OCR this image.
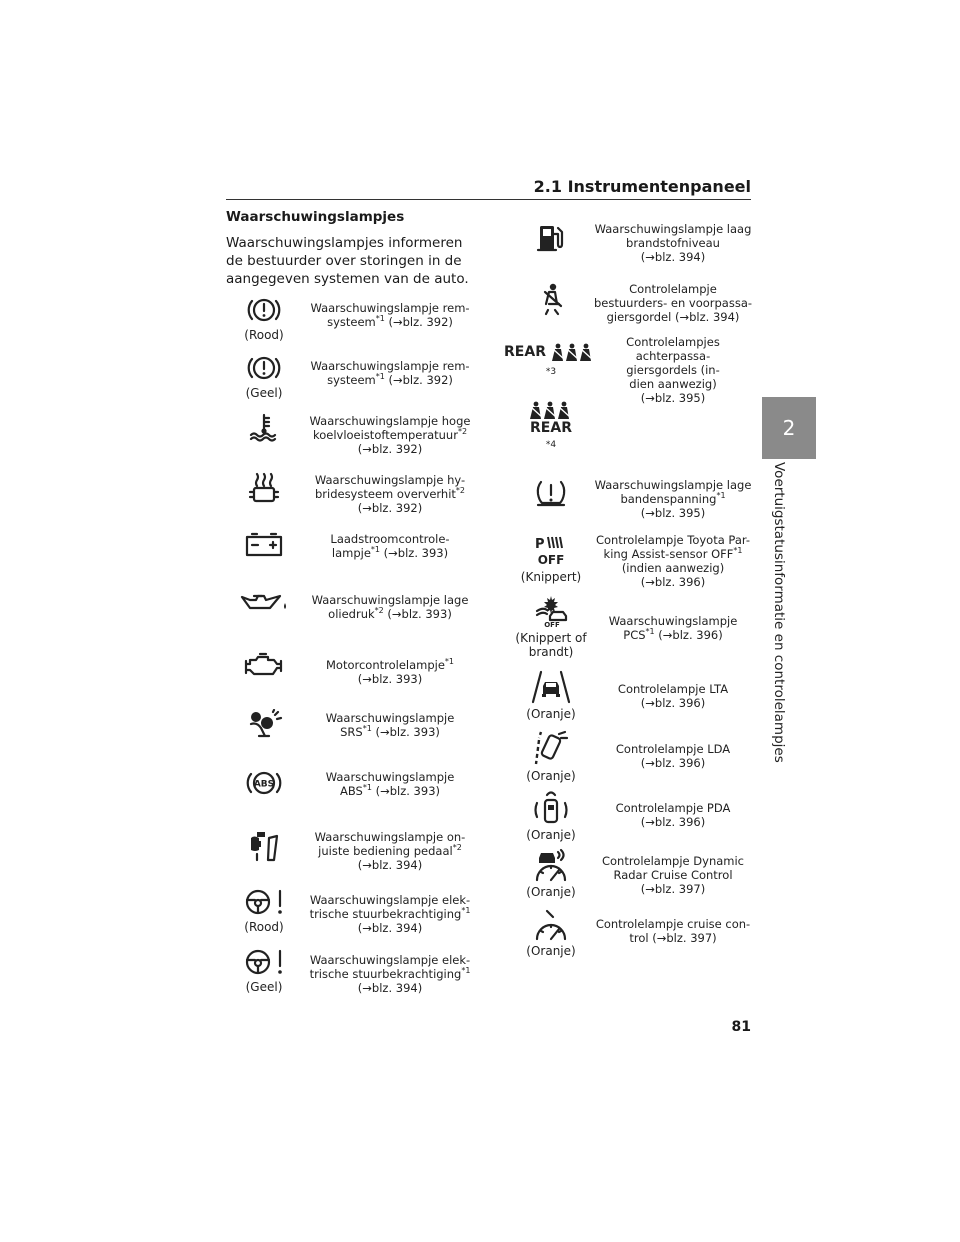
2.1 Instrumentenpaneel
2
Voertuigstatusinformatie en controlelampjes
81
Waarschuwingslampjes
Waarschuwingslampjes informeren de bestuurder over storingen in de aangegeven systemen van de auto.
(Rood)
Waarschuwingslampje rem-
systeem$^{*1}$ (→blz. 392)
(Geel)
Waarschuwingslampje rem-
systeem$^{*1}$ (→blz. 392)
Waarschuwingslampje hoge
koelvloeistoftemperatuur$^{*2}$
(→blz. 392)
Waarschuwingslampje hy-
bridesysteem oververhit$^{*2}$
(→blz. 392)
Laadstroomcontrole-
lampje$^{*1}$ (→blz. 393)
Waarschuwingslampje lage
oliedruk$^{*2}$ (→blz. 393)
Motorcontrolelampje$^{*1}$
(→blz. 393)
Waarschuwingslampje
SRS$^{*1}$ (→blz. 393)
ABS
Waarschuwingslampje
ABS$^{*1}$ (→blz. 393)
Waarschuwingslampje on-
juiste bediening pedaal$^{*2}$
(→blz. 394)
(Rood)
Waarschuwingslampje elek-
trische stuurbekrachtiging$^{*1}$
(→blz. 394)
(Geel)
Waarschuwingslampje elek-
trische stuurbekrachtiging$^{*1}$
(→blz. 394)
Waarschuwingslampje laag
brandstofniveau
(→blz. 394)
Controlelampje
bestuurders- en voorpassa-
giersgordel (→blz. 394)
REAR
*3
REAR
*4
Controlelampjes
achterpassa-
giersgordels (in-
dien aanwezig)
(→blz. 395)
Waarschuwingslampje lage
bandenspanning$^{*1}$
(→blz. 395)
P
OFF
(Knippert)
Controlelampje Toyota Par-
king Assist-sensor OFF$^{*1}$
(indien aanwezig)
(→blz. 396)
OFF
(Knippert of brandt)
Waarschuwingslampje
PCS$^{*1}$ (→blz. 396)
(Oranje)
Controlelampje LTA
(→blz. 396)
(Oranje)
Controlelampje LDA
(→blz. 396)
(Oranje)
Controlelampje PDA
(→blz. 396)
(Oranje)
Controlelampje Dynamic
Radar Cruise Control
(→blz. 397)
(Oranje)
Controlelampje cruise con-
trol (→blz. 397)
